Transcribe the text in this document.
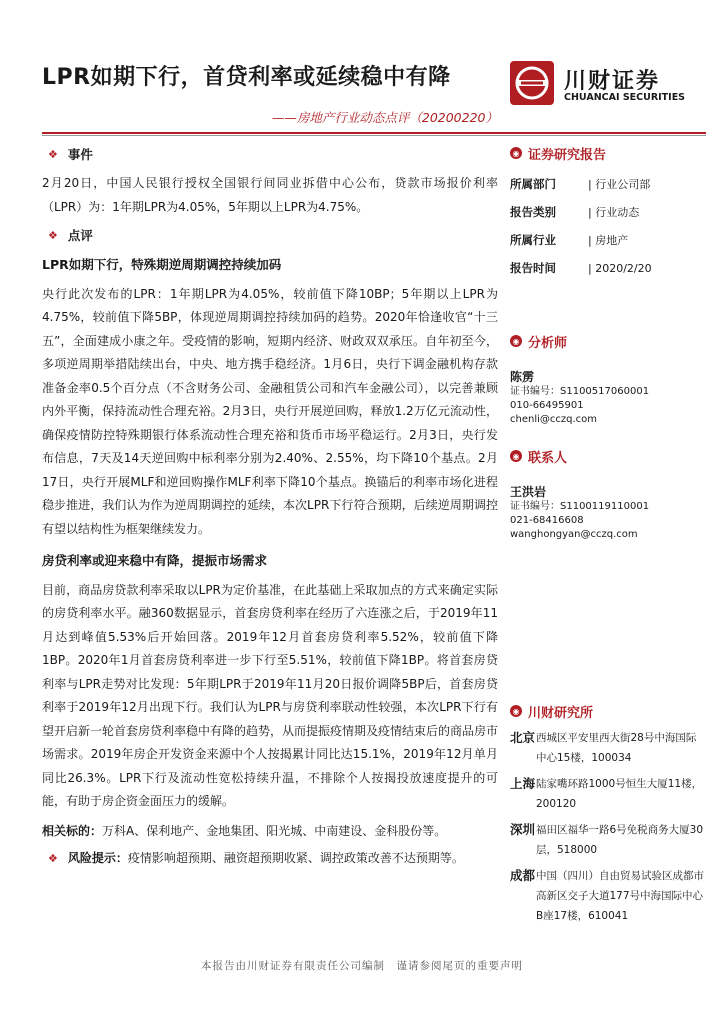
LPR如期下行，首贷利率或延续稳中有降
——房地产行业动态点评（20200220）
川财证券
CHUANCAI SECURITIES
❖ 事件

2月20日，中国人民银行授权全国银行间同业拆借中心公布，贷款市场报价利率（LPR）为：1年期LPR为4.05%，5年期以上LPR为4.75%。

❖ 点评
LPR如期下行，特殊期逆周期调控持续加码

央行此次发布的LPR：1年期LPR为4.05%，较前值下降10BP；5年期以上LPR为4.75%，较前值下降5BP，体现逆周期调控持续加码的趋势。2020年恰逢收官“十三五”，全面建成小康之年。受疫情的影响，短期内经济、财政双双承压。自年初至今，多项逆周期举措陆续出台，中央、地方携手稳经济。1月6日，央行下调金融机构存款准备金率0.5个百分点（不含财务公司、金融租赁公司和汽车金融公司），以完善兼顾内外平衡，保持流动性合理充裕。2月3日，央行开展逆回购，释放1.2万亿元流动性，确保疫情防控特殊期银行体系流动性合理充裕和货币市场平稳运行。2月3日，央行发布信息，7天及14天逆回购中标利率分别为2.40%、2.55%，均下降10个基点。2月17日，央行开展MLF和逆回购操作MLF利率下降10个基点。换锚后的利率市场化进程稳步推进，我们认为作为逆周期调控的延续，本次LPR下行符合预期，后续逆周期调控有望以结构性为框架继续发力。

房贷利率或迎来稳中有降，提振市场需求

目前，商品房贷款利率采取以LPR为定价基准，在此基础上采取加点的方式来确定实际的房贷利率水平。融360数据显示，首套房贷利率在经历了六连涨之后，于2019年11月达到峰值5.53%后开始回落。2019年12月首套房贷利率5.52%，较前值下降1BP。2020年1月首套房贷利率进一步下行至5.51%，较前值下降1BP。将首套房贷利率与LPR走势对比发现：5年期LPR于2019年11月20日报价调降5BP后，首套房贷利率于2019年12月出现下行。我们认为LPR与房贷利率联动性较强，本次LPR下行有望开启新一轮首套房贷利率稳中有降的趋势，从而提振疫情期及疫情结束后的商品房市场需求。2019年房企开发资金来源中个人按揭累计同比达15.1%，2019年12月单月同比26.3%。LPR下行及流动性宽松持续升温，不排除个人按揭投放速度提升的可能，有助于房企资金面压力的缓解。

相关标的：万科A、保利地产、金地集团、阳光城、中南建设、金科股份等。
❖ 风险提示：疫情影响超预期、融资超预期收紧、调控政策改善不达预期等。
◉ 证券研究报告
所属部门	| 行业公司部
报告类别	| 行业动态
所属行业	| 房地产
报告时间	| 2020/2/20
◉ 分析师
陈雳
证书编号：S1100517060001
010-66495901
chenli@cczq.com
◉ 联系人
王洪岩
证书编号：S1100119110001
021-68416608
wanghongyan@cczq.com
◉ 川财研究所
北京 西城区平安里西大街28号中海国际中心15楼，100034
上海 陆家嘴环路1000号恒生大厦11楼，200120
深圳 福田区福华一路6号免税商务大厦30层，518000
成都 中国（四川）自由贸易试验区成都市高新区交子大道177号中海国际中心B座17楼，610041
本报告由川财证券有限责任公司编制　谨请参阅尾页的重要声明
